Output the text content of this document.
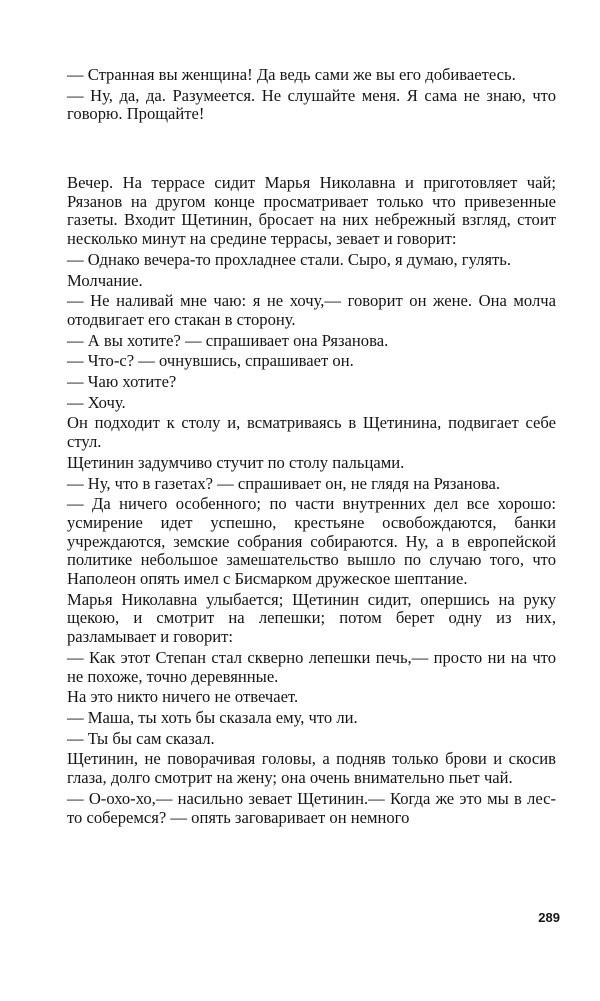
— Странная вы женщина! Да ведь сами же вы его добиваетесь.

— Ну, да, да. Разумеется. Не слушайте меня. Я сама не знаю, что говорю. Прощайте!

Вечер. На террасе сидит Марья Николавна и приготовляет чай; Рязанов на другом конце просматривает только что привезенные газеты. Входит Щетинин, бросает на них небрежный взгляд, стоит несколько минут на средине террасы, зевает и говорит:

— Однако вечера-то прохладнее стали. Сыро, я думаю, гулять.

Молчание.

— Не наливай мне чаю: я не хочу,— говорит он жене. Она молча отодвигает его стакан в сторону.

— А вы хотите? — спрашивает она Рязанова.

— Что-с? — очнувшись, спрашивает он.

— Чаю хотите?

— Хочу.

Он подходит к столу и, всматриваясь в Щетинина, подвигает себе стул.

Щетинин задумчиво стучит по столу пальцами.

— Ну, что в газетах? — спрашивает он, не глядя на Рязанова.

— Да ничего особенного; по части внутренних дел все хорошо: усмирение идет успешно, крестьяне освобождаются, банки учреждаются, земские собрания собираются. Ну, а в европейской политике небольшое замешательство вышло по случаю того, что Наполеон опять имел с Бисмарком дружеское шептание.

Марья Николавна улыбается; Щетинин сидит, опершись на руку щекою, и смотрит на лепешки; потом берет одну из них, разламывает и говорит:

— Как этот Степан стал скверно лепешки печь,— просто ни на что не похоже, точно деревянные.

На это никто ничего не отвечает.

— Маша, ты хоть бы сказала ему, что ли.

— Ты бы сам сказал.

Щетинин, не поворачивая головы, а подняв только брови и скосив глаза, долго смотрит на жену; она очень внимательно пьет чай.

— О-охо-хо,— насильно зевает Щетинин.— Когда же это мы в лес-то соберемся? — опять заговаривает он немного

289
